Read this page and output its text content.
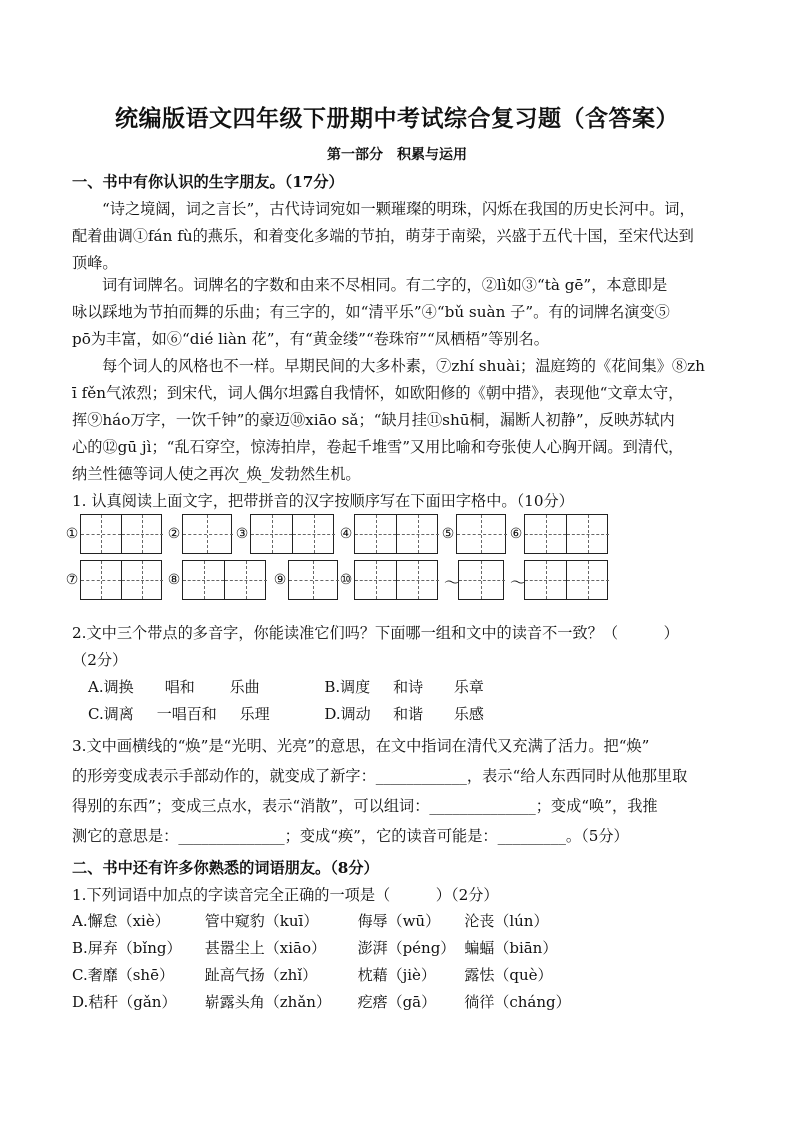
统编版语文四年级下册期中考试综合复习题（含答案）
第一部分　积累与运用
一、书中有你认识的生字朋友。（17分）
“诗之境阔，词之言长”，古代诗词宛如一颗璀璨的明珠，闪烁在我国的历史长河中。词，
配着曲调①fán fù的燕乐，和着变化多端的节拍，萌芽于南梁，兴盛于五代十国，至宋代达到
顶峰。
词有词牌名。词牌名的字数和由来不尽相同。有二字的，②lì如③“tà gē”，本意即是
咏以踩地为节拍而舞的乐曲；有三字的，如“清平乐”④“bǔ suàn 子”。有的词牌名演变⑤
pō为丰富，如⑥“dié liàn 花”，有“黄金缕”“卷珠帘”“凤栖梧”等别名。
每个词人的风格也不一样。早期民间的大多朴素，⑦zhí shuài；温庭筠的《花间集》⑧zh
ī fěn气浓烈；到宋代，词人偶尔坦露自我情怀，如欧阳修的《朝中措》，表现他“文章太守，
挥⑨háo万字，一饮千钟”的豪迈⑩xiāo sǎ；“缺月挂⑪shū桐，漏断人初静”，反映苏轼内
心的⑫gū jì；“乱石穿空，惊涛拍岸，卷起千堆雪”又用比喻和夸张使人心胸开阔。到清代，
纳兰性德等词人使之再次_焕_发勃然生机。
1. 认真阅读上面文字，把带拼音的汉字按顺序写在下面田字格中。（10分）
①	②	③	④	⑤	⑥
⑦	⑧	⑨	⑩	～	～
2.文中三个带点的多音字，你能读准它们吗？下面哪一组和文中的读音不一致？（　　　）
（2分）
A.调换 唱和 乐曲	B.调度 和诗 乐章
C.调离 一唱百和 乐理	D.调动 和谐 乐感
3.文中画横线的“焕”是“光明、光亮”的意思，在文中指词在清代又充满了活力。把“焕”
的形旁变成表示手部动作的，就变成了新字：____________，表示“给人东西同时从他那里取
得别的东西”；变成三点水，表示“消散”，可以组词：______________；变成“唤”，我推
测它的意思是：______________；变成“痪”，它的读音可能是：_________。（5分）
二、书中还有许多你熟悉的词语朋友。（8分）
1.下列词语中加点的字读音完全正确的一项是（　　　）（2分）
A.懈怠（xiè） 管中窥豹（kuī）	侮辱（wū） 沦丧（lún）
B.屏弃（bǐng） 甚嚣尘上（xiāo） 澎湃（péng） 蝙蝠（biān）
C.奢靡（shē） 趾高气扬（zhǐ）	枕藉（jiè） 露怯（què）
D.秸秆（gǎn） 崭露头角（zhǎn） 疙瘩（gā） 徜徉（cháng）
